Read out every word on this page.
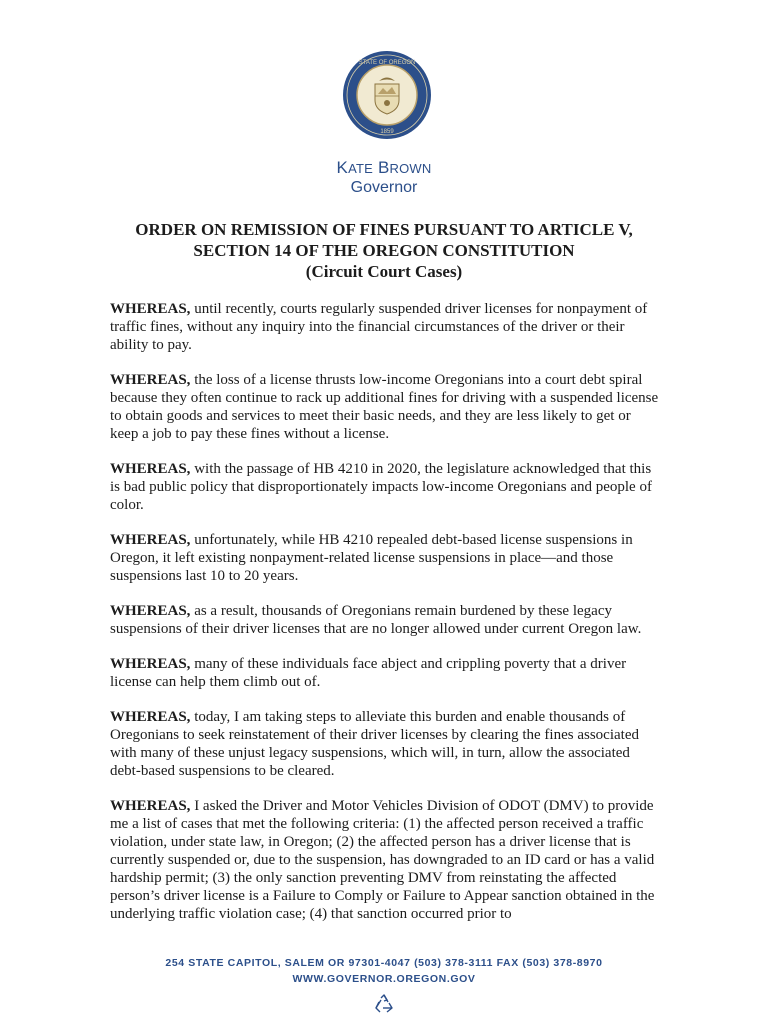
STATE OF OREGON
1859
KATE BROWN
Governor
ORDER ON REMISSION OF FINES PURSUANT TO ARTICLE V,
SECTION 14 OF THE OREGON CONSTITUTION
(Circuit Court Cases)

WHEREAS, until recently, courts regularly suspended driver licenses for nonpayment of traffic fines, without any inquiry into the financial circumstances of the driver or their ability to pay.

WHEREAS, the loss of a license thrusts low-income Oregonians into a court debt spiral because they often continue to rack up additional fines for driving with a suspended license to obtain goods and services to meet their basic needs, and they are less likely to get or keep a job to pay these fines without a license.

WHEREAS, with the passage of HB 4210 in 2020, the legislature acknowledged that this is bad public policy that disproportionately impacts low-income Oregonians and people of color.

WHEREAS, unfortunately, while HB 4210 repealed debt-based license suspensions in Oregon, it left existing nonpayment-related license suspensions in place—and those suspensions last 10 to 20 years.

WHEREAS, as a result, thousands of Oregonians remain burdened by these legacy suspensions of their driver licenses that are no longer allowed under current Oregon law.

WHEREAS, many of these individuals face abject and crippling poverty that a driver license can help them climb out of.

WHEREAS, today, I am taking steps to alleviate this burden and enable thousands of Oregonians to seek reinstatement of their driver licenses by clearing the fines associated with many of these unjust legacy suspensions, which will, in turn, allow the associated debt-based suspensions to be cleared.

WHEREAS, I asked the Driver and Motor Vehicles Division of ODOT (DMV) to provide me a list of cases that met the following criteria: (1) the affected person received a traffic violation, under state law, in Oregon; (2) the affected person has a driver license that is currently suspended or, due to the suspension, has downgraded to an ID card or has a valid hardship permit; (3) the only sanction preventing DMV from reinstating the affected person’s driver license is a Failure to Comply or Failure to Appear sanction obtained in the underlying traffic violation case; (4) that sanction occurred prior to

254 STATE CAPITOL, SALEM OR 97301-4047 (503) 378-3111 FAX (503) 378-8970
WWW.GOVERNOR.OREGON.GOV
